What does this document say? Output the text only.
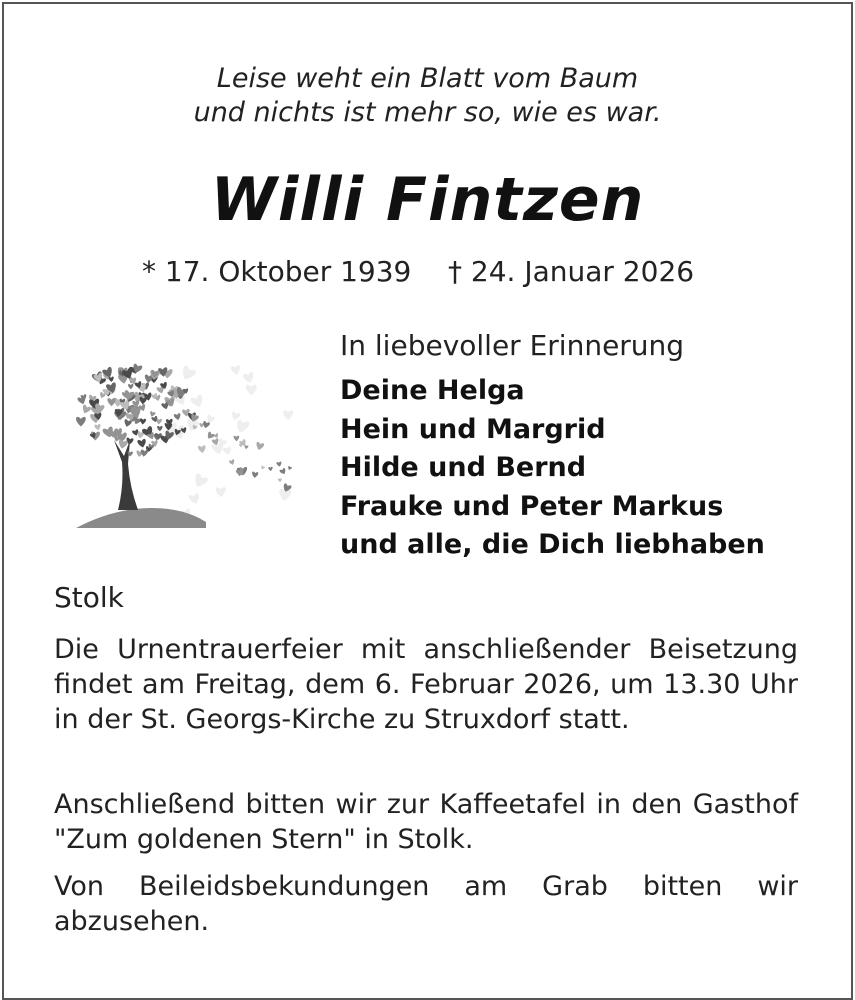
Leise weht ein Blatt vom Baum
und nichts ist mehr so, wie es war.
Willi Fintzen
* 17. Oktober 1939 † 24. Januar 2026
In liebevoller Erinnerung
Deine Helga
Hein und Margrid
Hilde und Bernd
Frauke und Peter Markus
und alle, die Dich liebhaben
Stolk

Die Urnentrauerfeier mit anschließender Beisetzung findet am Freitag, dem 6. Februar 2026, um 13.30 Uhr in der St. Georgs-Kirche zu Struxdorf statt.

Anschließend bitten wir zur Kaffeetafel in den Gasthof "Zum goldenen Stern" in Stolk.

Von Beileidsbekundungen am Grab bitten wir abzusehen.
